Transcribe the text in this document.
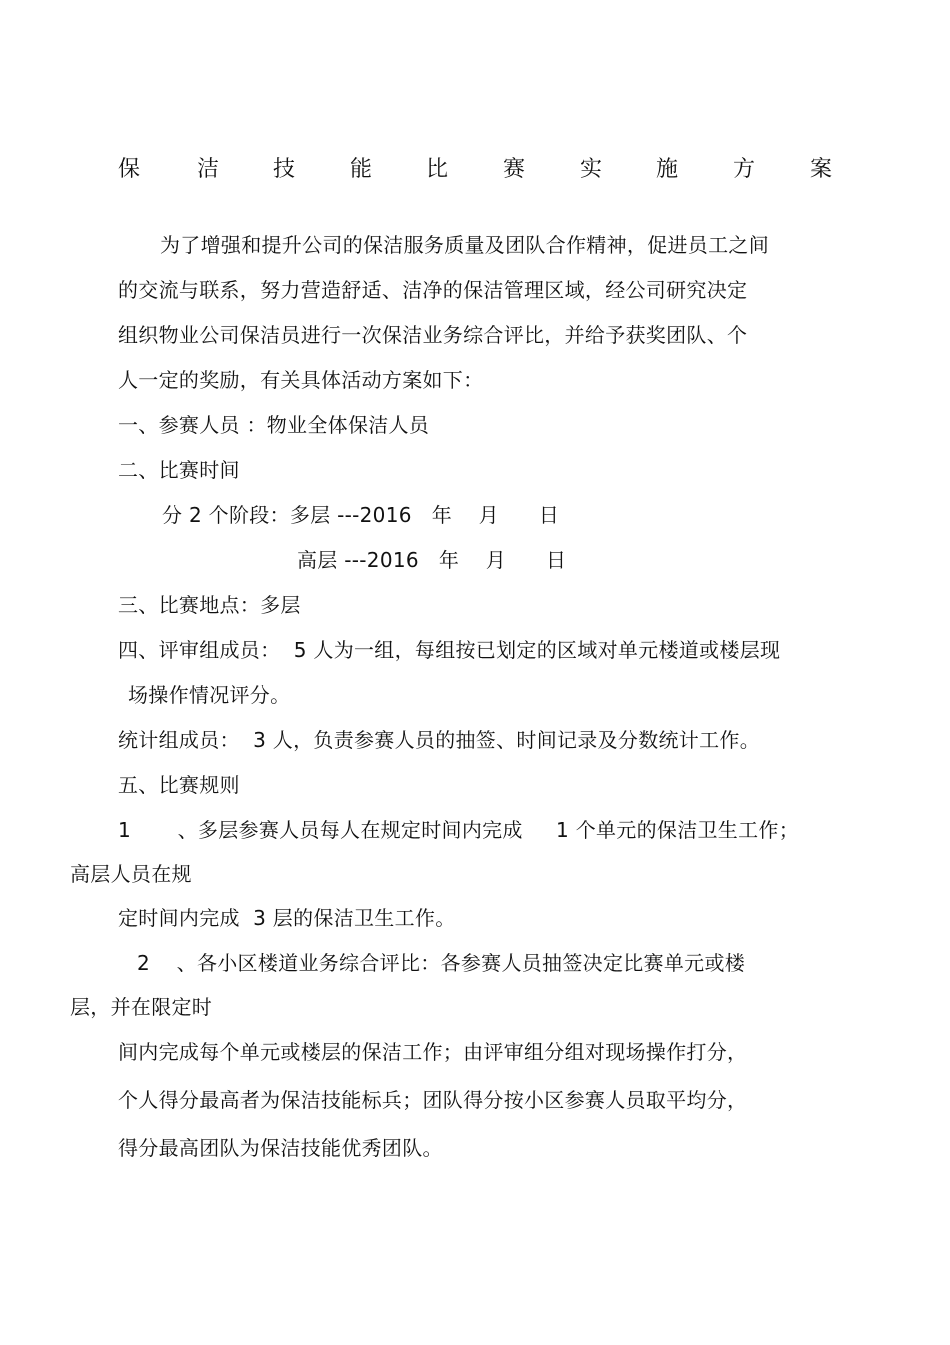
保	洁 技 能 比 赛 实 施 方 案
为了增强和提升公司的保洁服务质量及团队合作精神，促进员工之间
的交流与联系，努力营造舒适、洁净的保洁管理区域，经公司研究决定
组织物业公司保洁员进行一次保洁业务综合评比，并给予获奖团队、个
人一定的奖励，有关具体活动方案如下：
一、参赛人员 ：物业全体保洁人员
二、比赛时间
分 2 个阶段：多层 ---2016   年    月      日
高层 ---2016   年    月      日
三、比赛地点：多层
四、评审组成员：  5 人为一组，每组按已划定的区域对单元楼道或楼层现
场操作情况评分。
统计组成员：  3 人，负责参赛人员的抽签、时间记录及分数统计工作。
五、比赛规则
1       、多层参赛人员每人在规定时间内完成     1 个单元的保洁卫生工作；
高层人员在规
定时间内完成  3 层的保洁卫生工作。
2    、各小区楼道业务综合评比：各参赛人员抽签决定比赛单元或楼
层，并在限定时
间内完成每个单元或楼层的保洁工作；由评审组分组对现场操作打分，
个人得分最高者为保洁技能标兵；团队得分按小区参赛人员取平均分，
得分最高团队为保洁技能优秀团队。
